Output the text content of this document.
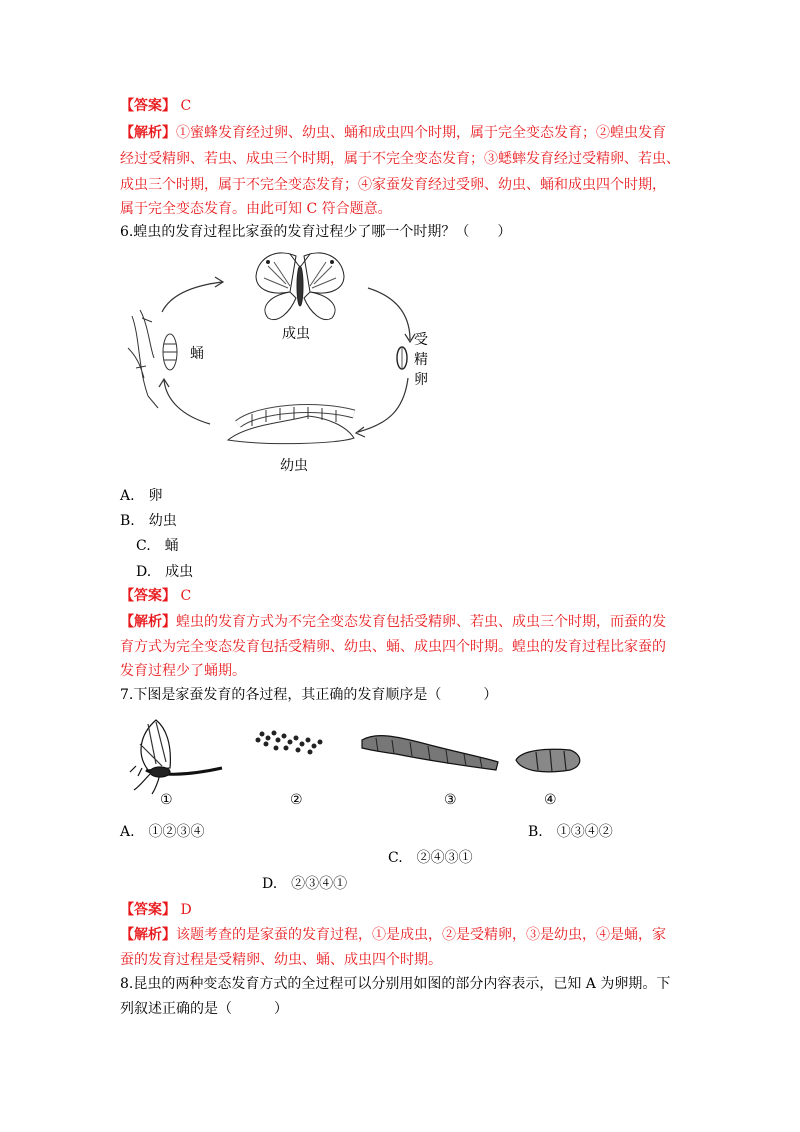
【答案】 C
【解析】①蜜蜂发育经过卵、幼虫、蛹和成虫四个时期，属于完全变态发育；②蝗虫发育
经过受精卵、若虫、成虫三个时期，属于不完全变态发育；③蟋蟀发育经过受精卵、若虫、
成虫三个时期，属于不完全变态发育；④家蚕发育经过受卵、幼虫、蛹和成虫四个时期，
属于完全变态发育。由此可知 C 符合题意。
6.蝗虫的发育过程比家蚕的发育过程少了哪一个时期？（　　）
成虫	受
精
卵
蛹
幼虫
A.　卵
B.　幼虫
C.　蛹
D.　成虫
【答案】 C
【解析】蝗虫的发育方式为不完全变态发育包括受精卵、若虫、成虫三个时期，而蚕的发
育方式为完全变态发育包括受精卵、幼虫、蛹、成虫四个时期。蝗虫的发育过程比家蚕的
发育过程少了蛹期。
7.下图是家蚕发育的各过程，其正确的发育顺序是（　　　）
①	②	③	④
A.　①②③④	B.　①③④②
C.　②④③①
D.　②③④①
【答案】 D
【解析】该题考查的是家蚕的发育过程，①是成虫，②是受精卵，③是幼虫，④是蛹，家
蚕的发育过程是受精卵、幼虫、蛹、成虫四个时期。
8.昆虫的两种变态发育方式的全过程可以分别用如图的部分内容表示，已知 A 为卵期。下
列叙述正确的是（　　　）
